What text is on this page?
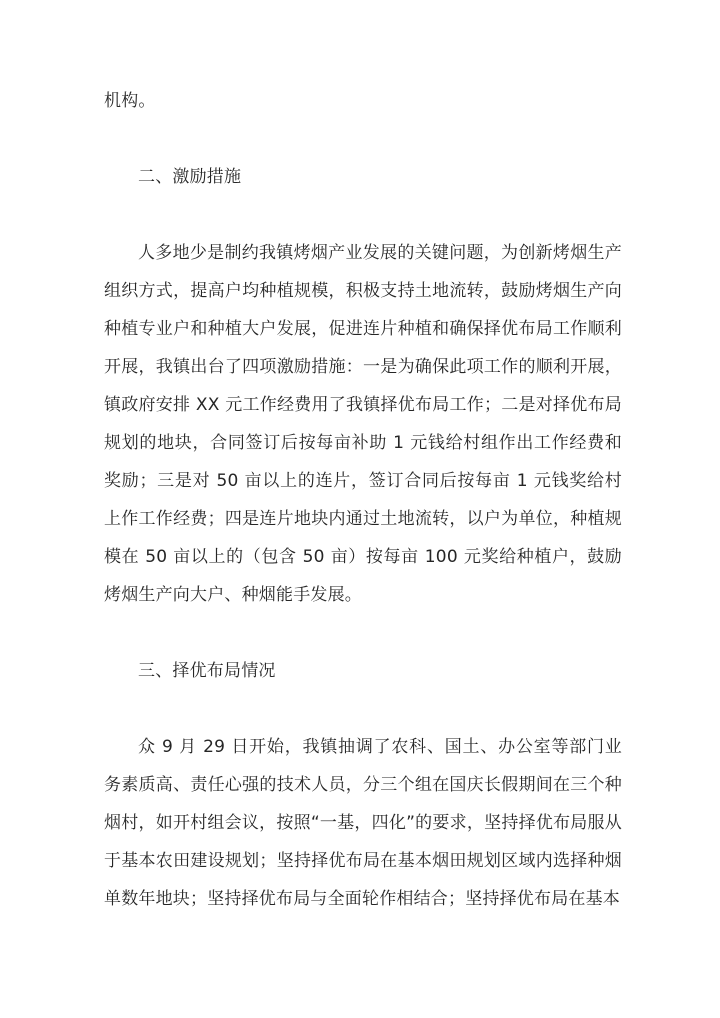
机构。

二、激励措施

人多地少是制约我镇烤烟产业发展的关键问题，为创新烤烟生产组织方式，提高户均种植规模，积极支持土地流转，鼓励烤烟生产向种植专业户和种植大户发展，促进连片种植和确保择优布局工作顺利开展，我镇出台了四项激励措施：一是为确保此项工作的顺利开展，镇政府安排 XX 元工作经费用了我镇择优布局工作；二是对择优布局规划的地块，合同签订后按每亩补助 1 元钱给村组作出工作经费和奖励；三是对 50 亩以上的连片，签订合同后按每亩 1 元钱奖给村上作工作经费；四是连片地块内通过土地流转，以户为单位，种植规模在 50 亩以上的（包含 50 亩）按每亩 100 元奖给种植户，鼓励烤烟生产向大户、种烟能手发展。

三、择优布局情况

众 9 月 29 日开始，我镇抽调了农科、国土、办公室等部门业务素质高、责任心强的技术人员，分三个组在国庆长假期间在三个种烟村，如开村组会议，按照“一基，四化”的要求，坚持择优布局服从于基本农田建设规划；坚持择优布局在基本烟田规划区域内选择种烟单数年地块；坚持择优布局与全面轮作相结合；坚持择优布局在基本
